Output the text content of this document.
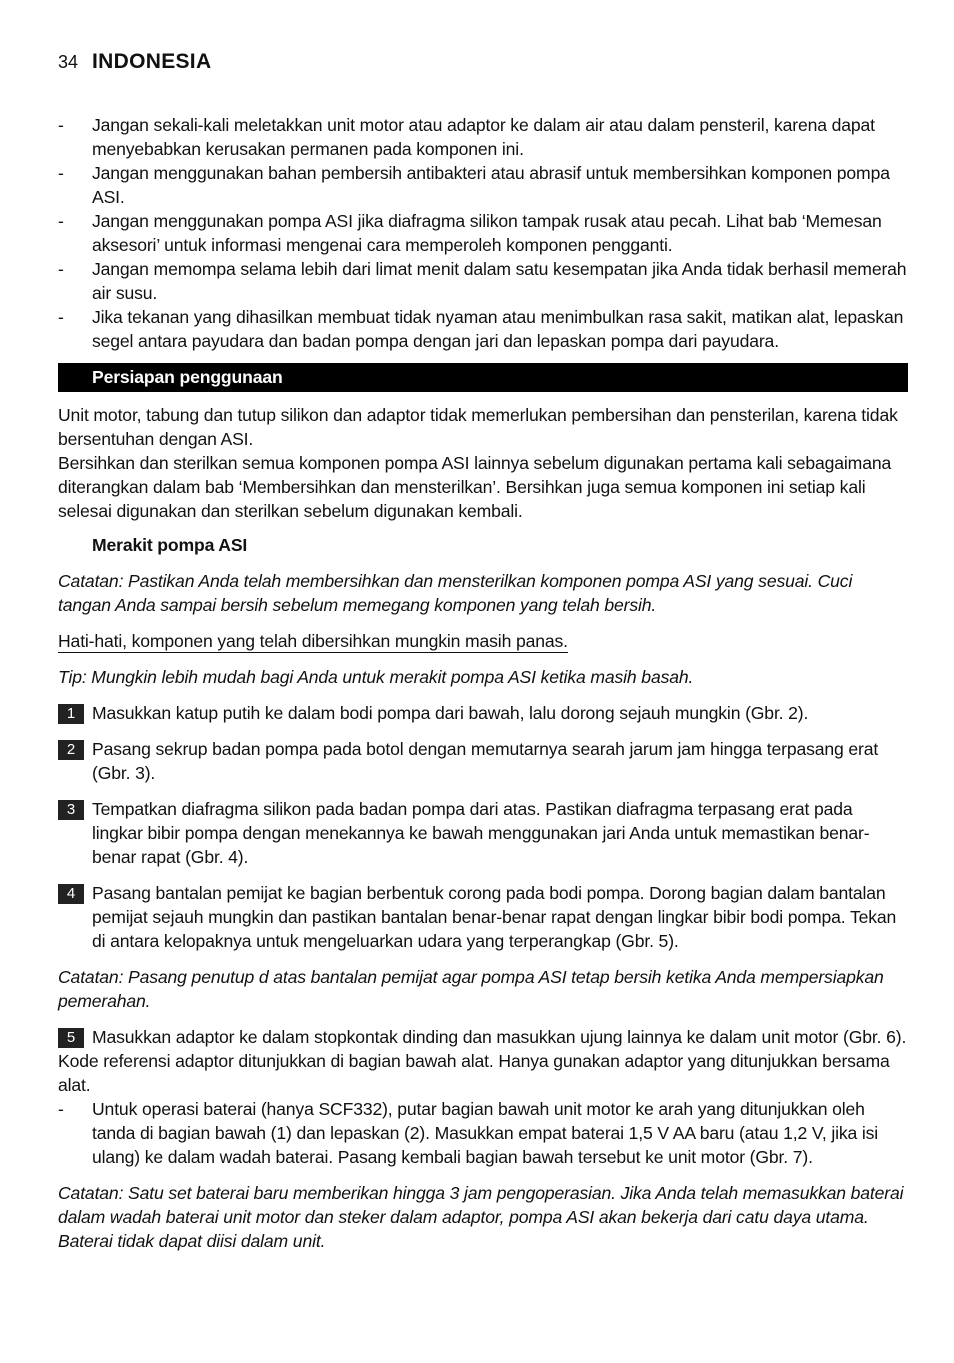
34 INDONESIA
- Jangan sekali-kali meletakkan unit motor atau adaptor ke dalam air atau dalam pensteril, karena dapat menyebabkan kerusakan permanen pada komponen ini.
- Jangan menggunakan bahan pembersih antibakteri atau abrasif untuk membersihkan komponen pompa ASI.
- Jangan menggunakan pompa ASI jika diafragma silikon tampak rusak atau pecah. Lihat bab ‘Memesan aksesori’ untuk informasi mengenai cara memperoleh komponen pengganti.
- Jangan memompa selama lebih dari limat menit dalam satu kesempatan jika Anda tidak berhasil memerah air susu.
- Jika tekanan yang dihasilkan membuat tidak nyaman atau menimbulkan rasa sakit, matikan alat, lepaskan segel antara payudara dan badan pompa dengan jari dan lepaskan pompa dari payudara.
Persiapan penggunaan

Unit motor, tabung dan tutup silikon dan adaptor tidak memerlukan pembersihan dan pensterilan, karena tidak bersentuhan dengan ASI.

Bersihkan dan sterilkan semua komponen pompa ASI lainnya sebelum digunakan pertama kali sebagaimana diterangkan dalam bab ‘Membersihkan dan mensterilkan’. Bersihkan juga semua komponen ini setiap kali selesai digunakan dan sterilkan sebelum digunakan kembali.

Merakit pompa ASI

Catatan: Pastikan Anda telah membersihkan dan mensterilkan komponen pompa ASI yang sesuai. Cuci tangan Anda sampai bersih sebelum memegang komponen yang telah bersih.

Hati-hati, komponen yang telah dibersihkan mungkin masih panas.

Tip: Mungkin lebih mudah bagi Anda untuk merakit pompa ASI ketika masih basah.

1 Masukkan katup putih ke dalam bodi pompa dari bawah, lalu dorong sejauh mungkin (Gbr. 2).
2 Pasang sekrup badan pompa pada botol dengan memutarnya searah jarum jam hingga terpasang erat (Gbr. 3).
3 Tempatkan diafragma silikon pada badan pompa dari atas. Pastikan diafragma terpasang erat pada lingkar bibir pompa dengan menekannya ke bawah menggunakan jari Anda untuk memastikan benar-benar rapat (Gbr. 4).
4 Pasang bantalan pemijat ke bagian berbentuk corong pada bodi pompa. Dorong bagian dalam bantalan pemijat sejauh mungkin dan pastikan bantalan benar-benar rapat dengan lingkar bibir bodi pompa. Tekan di antara kelopaknya untuk mengeluarkan udara yang terperangkap (Gbr. 5).

Catatan: Pasang penutup d atas bantalan pemijat agar pompa ASI tetap bersih ketika Anda mempersiapkan pemerahan.

5 Masukkan adaptor ke dalam stopkontak dinding dan masukkan ujung lainnya ke dalam unit motor (Gbr. 6).

Kode referensi adaptor ditunjukkan di bagian bawah alat. Hanya gunakan adaptor yang ditunjukkan bersama alat.

- Untuk operasi baterai (hanya SCF332), putar bagian bawah unit motor ke arah yang ditunjukkan oleh tanda di bagian bawah (1) dan lepaskan (2). Masukkan empat baterai 1,5 V AA baru (atau 1,2 V, jika isi ulang) ke dalam wadah baterai. Pasang kembali bagian bawah tersebut ke unit motor (Gbr. 7).

Catatan: Satu set baterai baru memberikan hingga 3 jam pengoperasian. Jika Anda telah memasukkan baterai dalam wadah baterai unit motor dan steker dalam adaptor, pompa ASI akan bekerja dari catu daya utama. Baterai tidak dapat diisi dalam unit.
